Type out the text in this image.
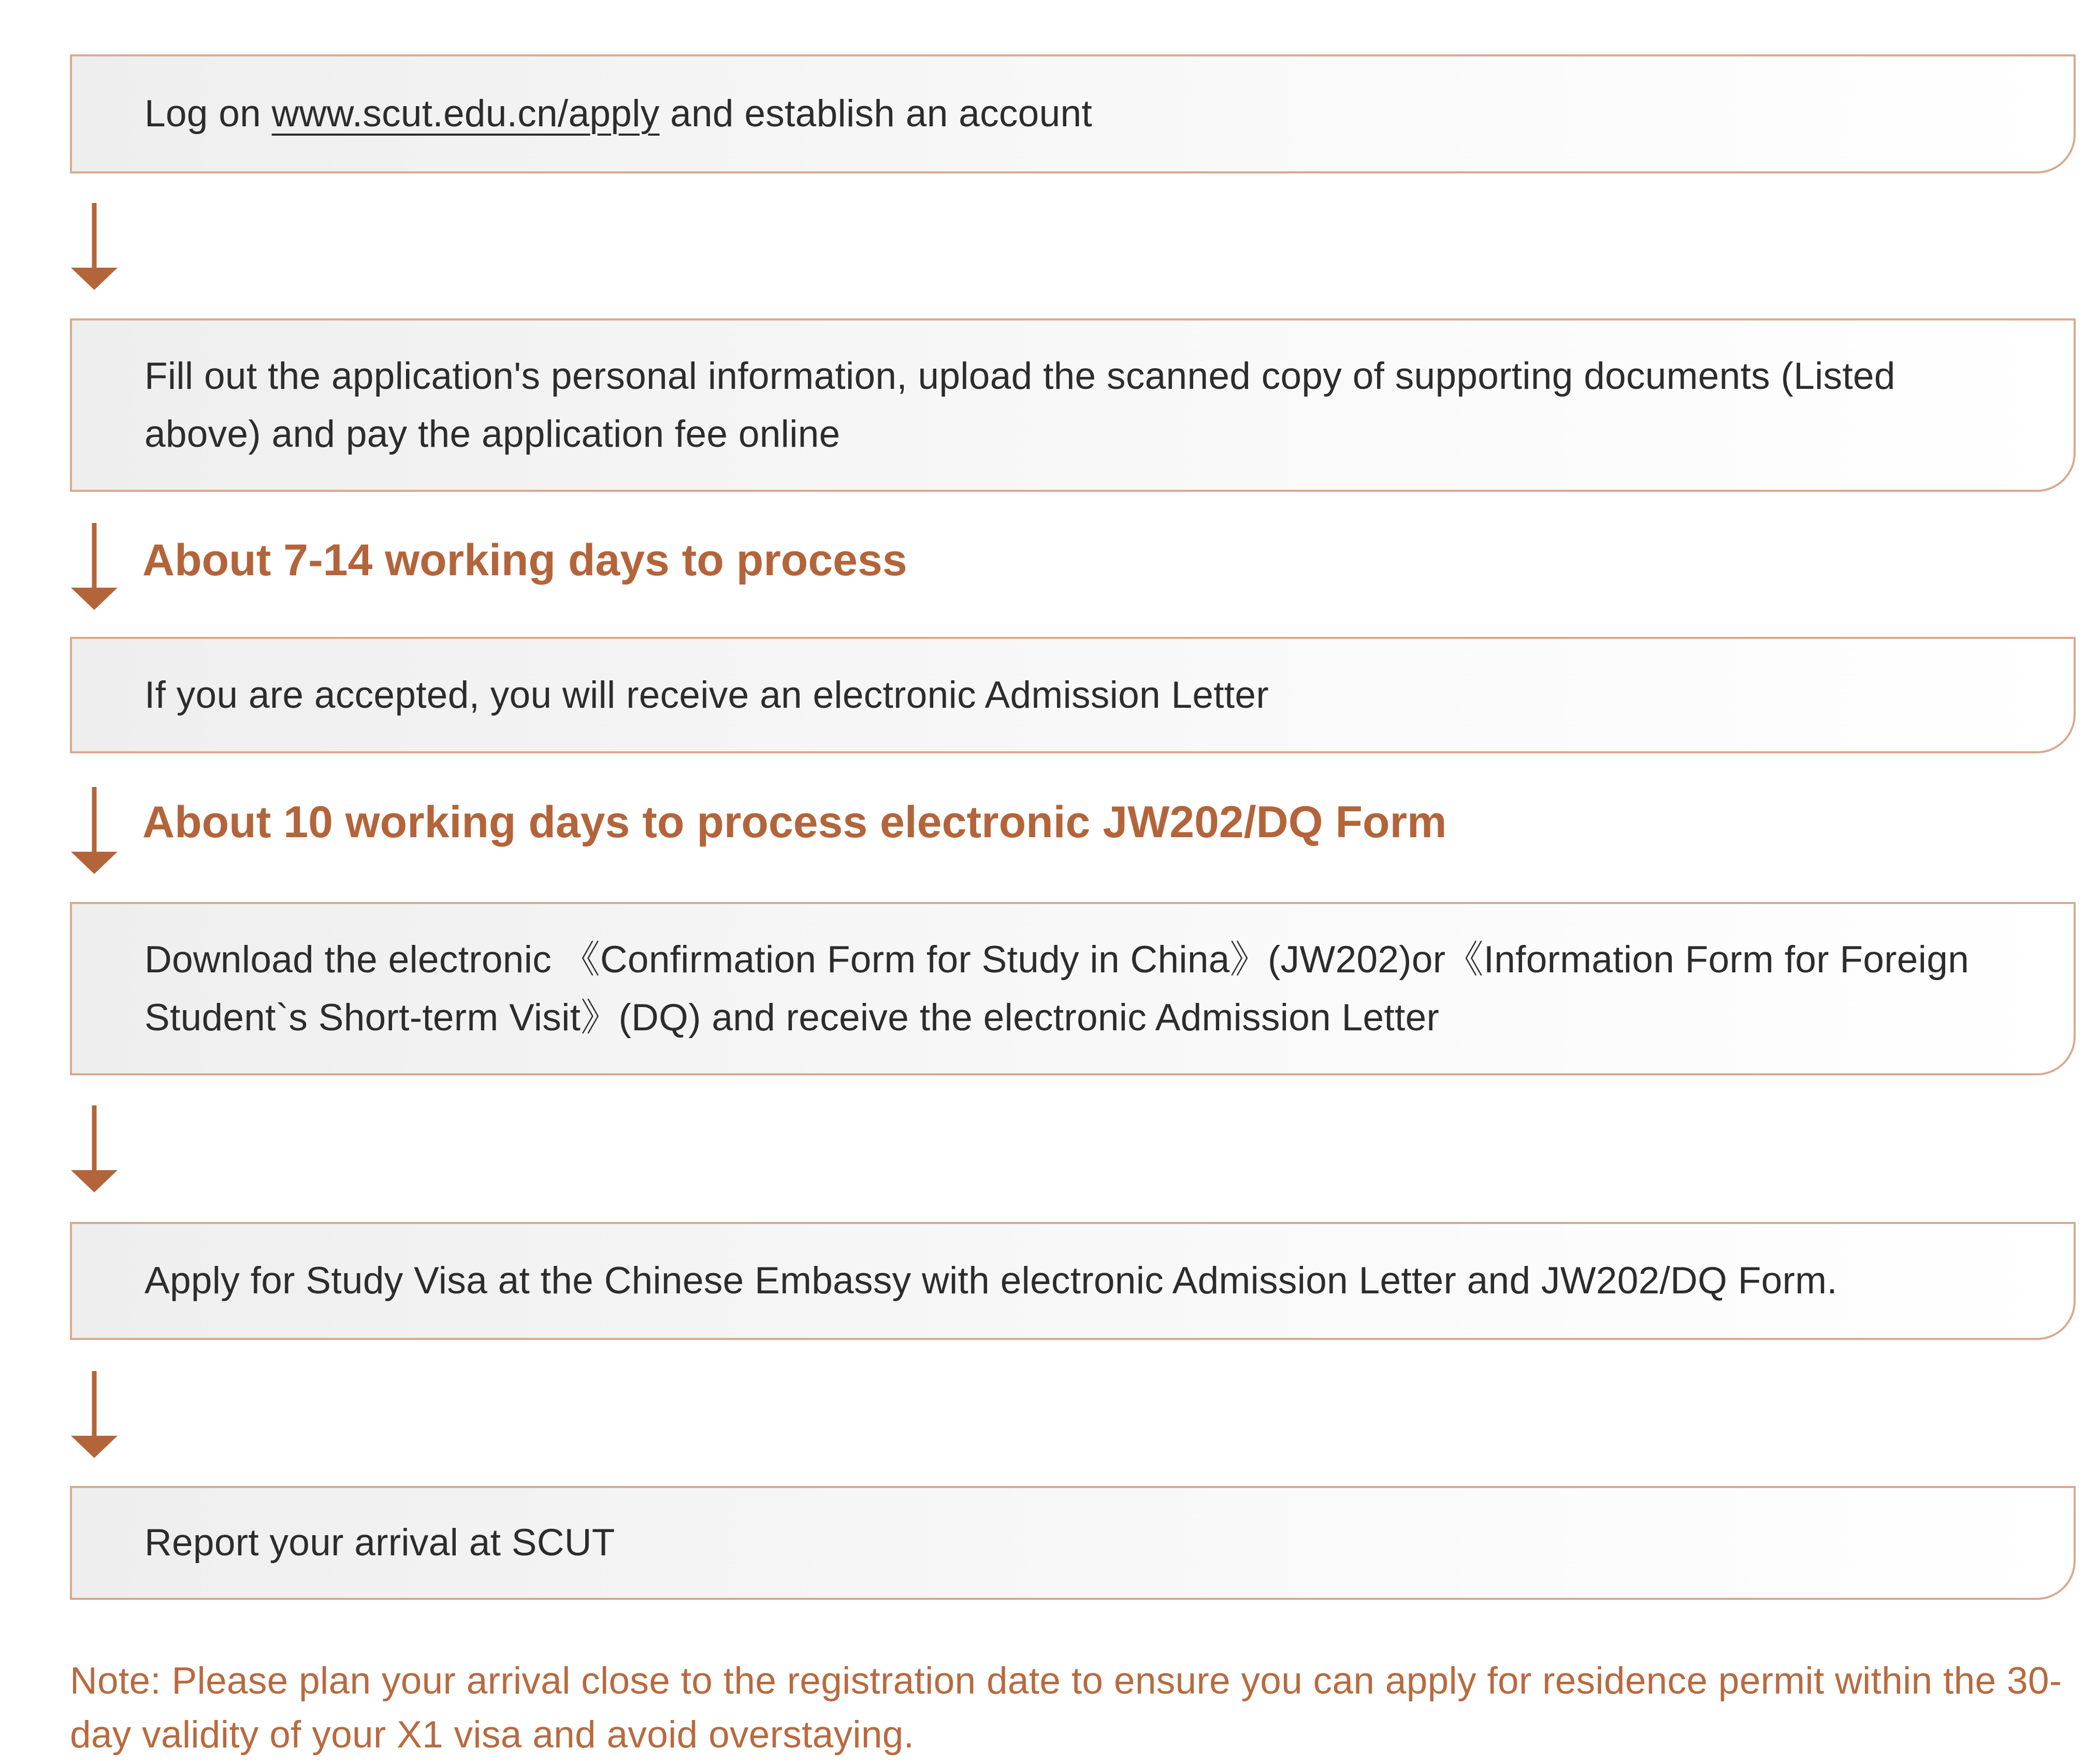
Log on www.scut.edu.cn/apply and establish an account
Fill out the application's personal information, upload the scanned copy of supporting documents (Listed above) and pay the application fee online
About 7-14 working days to process
If you are accepted, you will receive an electronic Admission Letter
About 10 working days to process electronic JW202/DQ Form
Download the electronic 《Confirmation Form for Study in China》(JW202)or《Information Form for Foreign Student`s Short-term Visit》(DQ) and receive the electronic Admission Letter
Apply for Study Visa at the Chinese Embassy with electronic Admission Letter and JW202/DQ Form.
Report your arrival at SCUT
Note: Please plan your arrival close to the registration date to ensure you can apply for residence permit within the 30-day validity of your X1 visa and avoid overstaying.
